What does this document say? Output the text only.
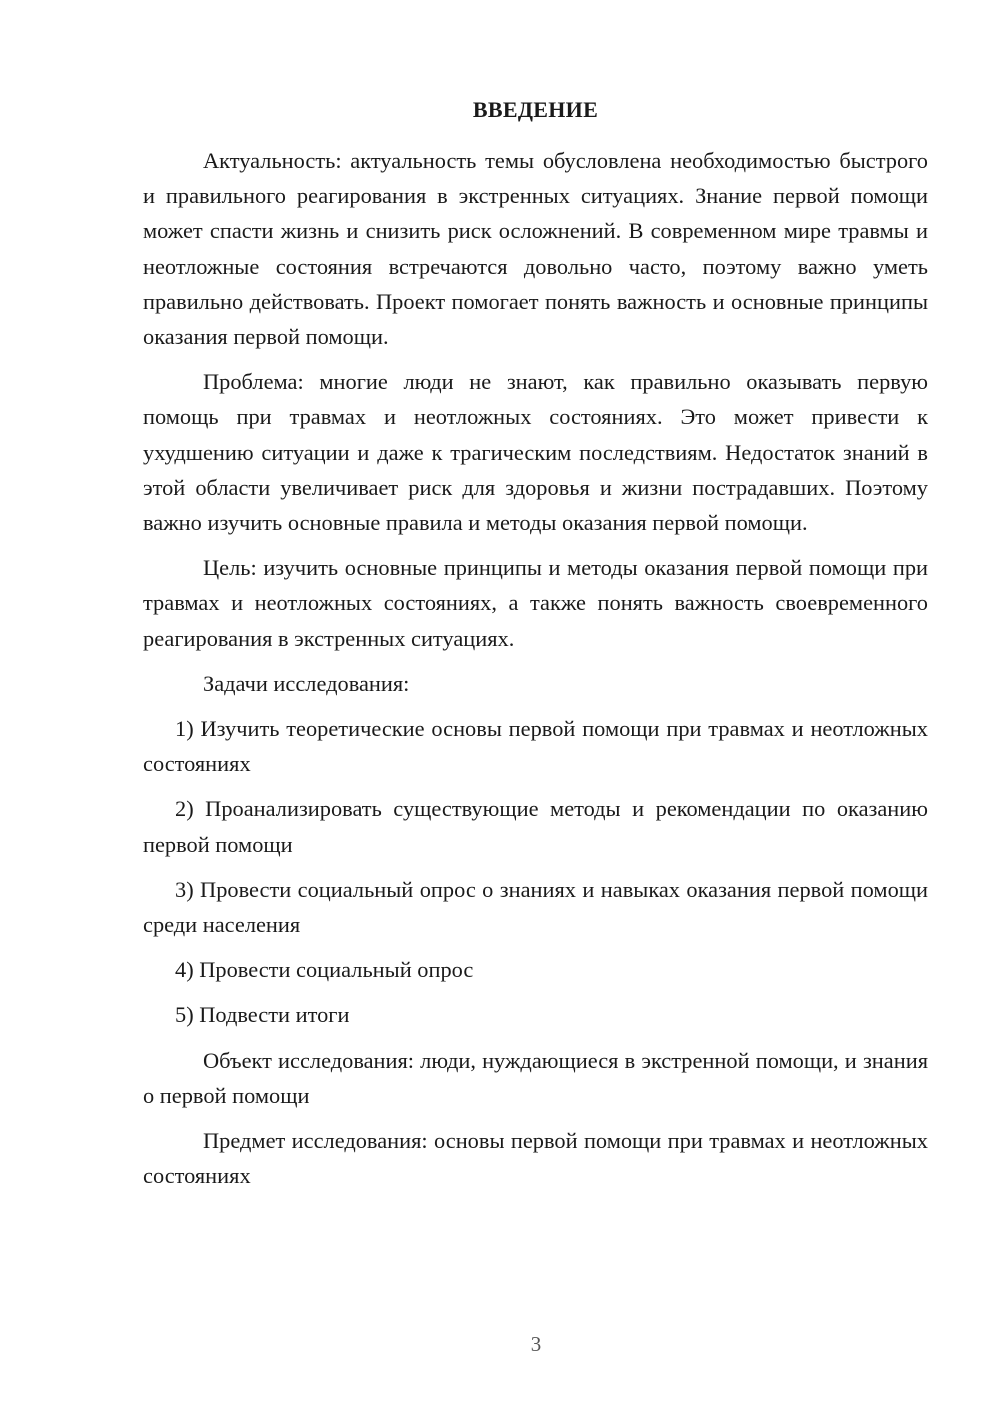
ВВЕДЕНИЕ

Актуальность: актуальность темы обусловлена необходимостью быстрого и правильного реагирования в экстренных ситуациях. Знание первой помощи может спасти жизнь и снизить риск осложнений. В современном мире травмы и неотложные состояния встречаются довольно часто, поэтому важно уметь правильно действовать. Проект помогает понять важность и основные принципы оказания первой помощи.

Проблема: многие люди не знают, как правильно оказывать первую помощь при травмах и неотложных состояниях. Это может привести к ухудшению ситуации и даже к трагическим последствиям. Недостаток знаний в этой области увеличивает риск для здоровья и жизни пострадавших. Поэтому важно изучить основные правила и методы оказания первой помощи.

Цель: изучить основные принципы и методы оказания первой помощи при травмах и неотложных состояниях, а также понять важность своевременного реагирования в экстренных ситуациях.

Задачи исследования:

1) Изучить теоретические основы первой помощи при травмах и неотложных состояниях

2) Проанализировать существующие методы и рекомендации по оказанию первой помощи

3) Провести социальный опрос о знаниях и навыках оказания первой помощи среди населения

4) Провести социальный опрос

5) Подвести итоги

Объект исследования: люди, нуждающиеся в экстренной помощи, и знания о первой помощи

Предмет исследования: основы первой помощи при травмах и неотложных состояниях

3
